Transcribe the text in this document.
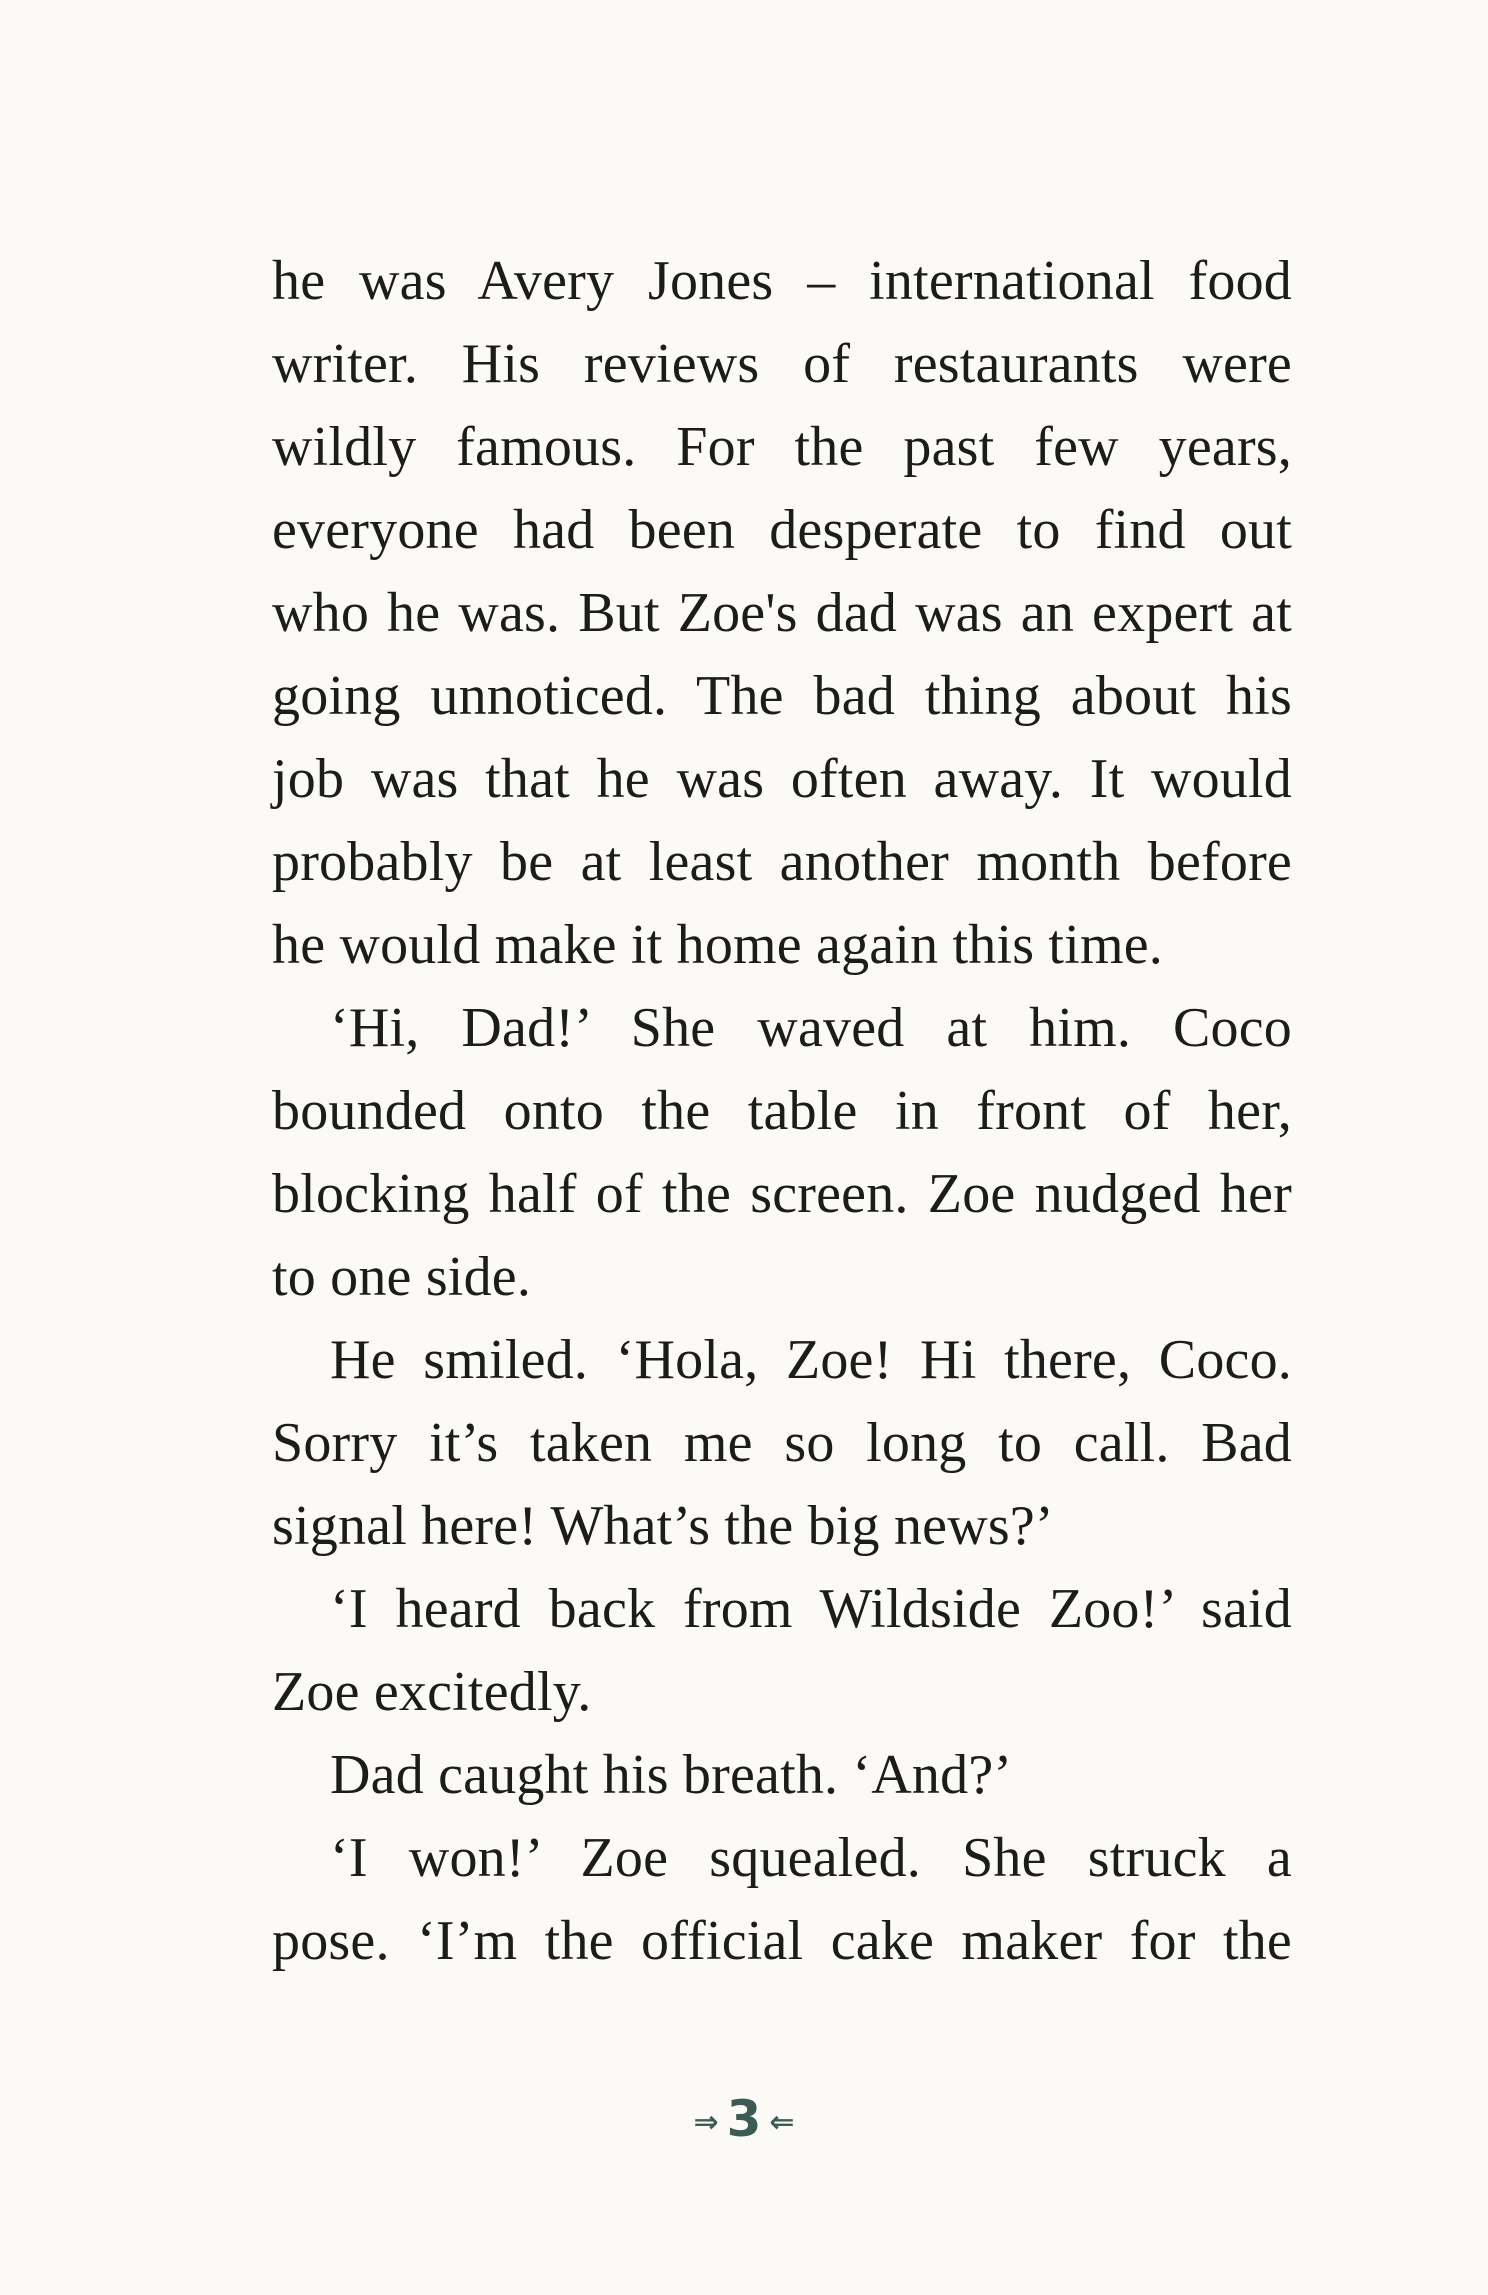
he was Avery Jones – international food
writer. His reviews of restaurants were
wildly famous. For the past few years,
everyone had been desperate to find out
who he was. But Zoe's dad was an expert at
going unnoticed. The bad thing about his
job was that he was often away. It would
probably be at least another month before
he would make it home again this time.
‘Hi, Dad!’ She waved at him. Coco
bounded onto the table in front of her,
blocking half of the screen. Zoe nudged her
to one side.
He smiled. ‘Hola, Zoe! Hi there, Coco.
Sorry it’s taken me so long to call. Bad
signal here! What’s the big news?’
‘I heard back from Wildside Zoo!’ said
Zoe excitedly.
Dad caught his breath. ‘And?’
‘I won!’ Zoe squealed. She struck a
pose. ‘I’m the official cake maker for the
⇒ 3 ⇐
